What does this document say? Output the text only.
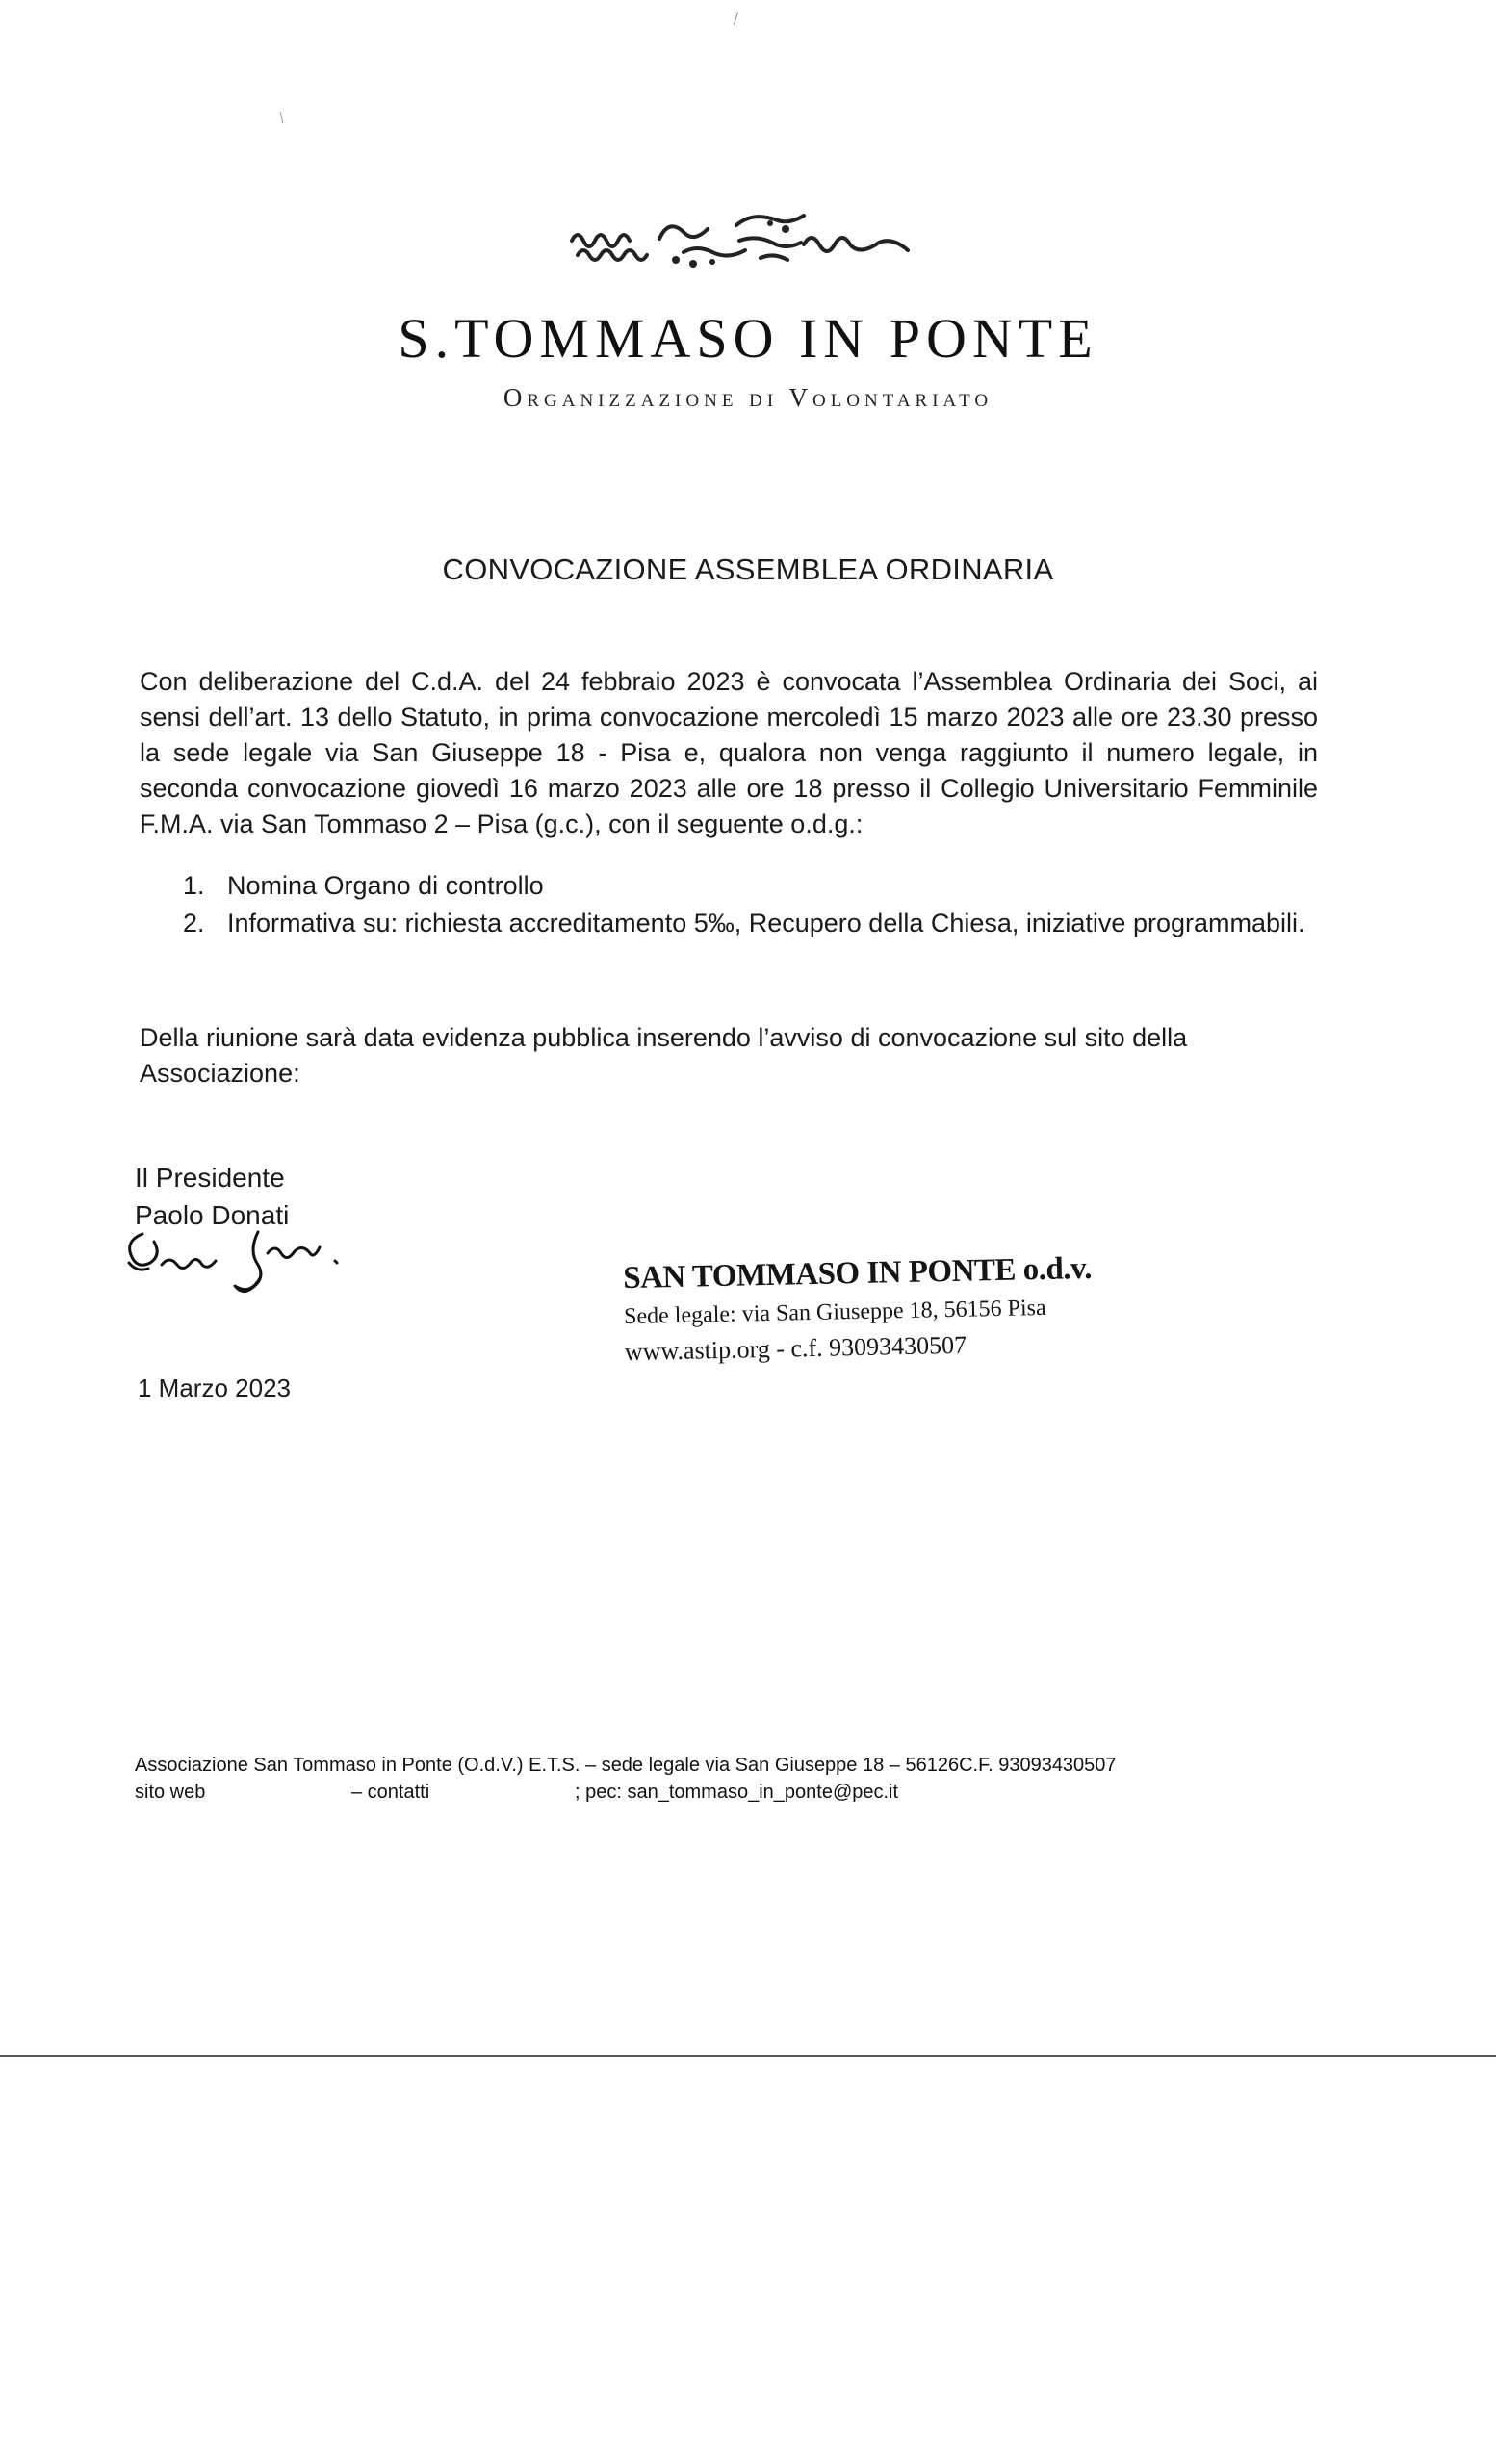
S.TOMMASO IN PONTE
Organizzazione di Volontariato
CONVOCAZIONE ASSEMBLEA ORDINARIA
Con deliberazione del C.d.A. del 24 febbraio 2023 è convocata l’Assemblea Ordinaria dei Soci, ai sensi dell’art. 13 dello Statuto, in prima convocazione mercoledì 15 marzo 2023 alle ore 23.30 presso la sede legale via San Giuseppe 18 - Pisa e, qualora non venga raggiunto il numero legale, in seconda convocazione giovedì 16 marzo 2023 alle ore 18 presso il Collegio Universitario Femminile F.M.A. via San Tommaso 2 – Pisa (g.c.), con il seguente o.d.g.:
1. Nomina Organo di controllo
2. Informativa su: richiesta accreditamento 5‰, Recupero della Chiesa, iniziative programmabili.
Della riunione sarà data evidenza pubblica inserendo l’avviso di convocazione sul sito della Associazione:
Il Presidente
Paolo Donati
1 Marzo 2023
SAN TOMMASO IN PONTE o.d.v.
Sede legale: via San Giuseppe 18, 56156 Pisa
www.astip.org - c.f. 93093430507
Associazione San Tommaso in Ponte (O.d.V.) E.T.S. – sede legale via San Giuseppe 18 – 56126C.F. 93093430507
sito web	– contatti	; pec: san_tommaso_in_ponte@pec.it
